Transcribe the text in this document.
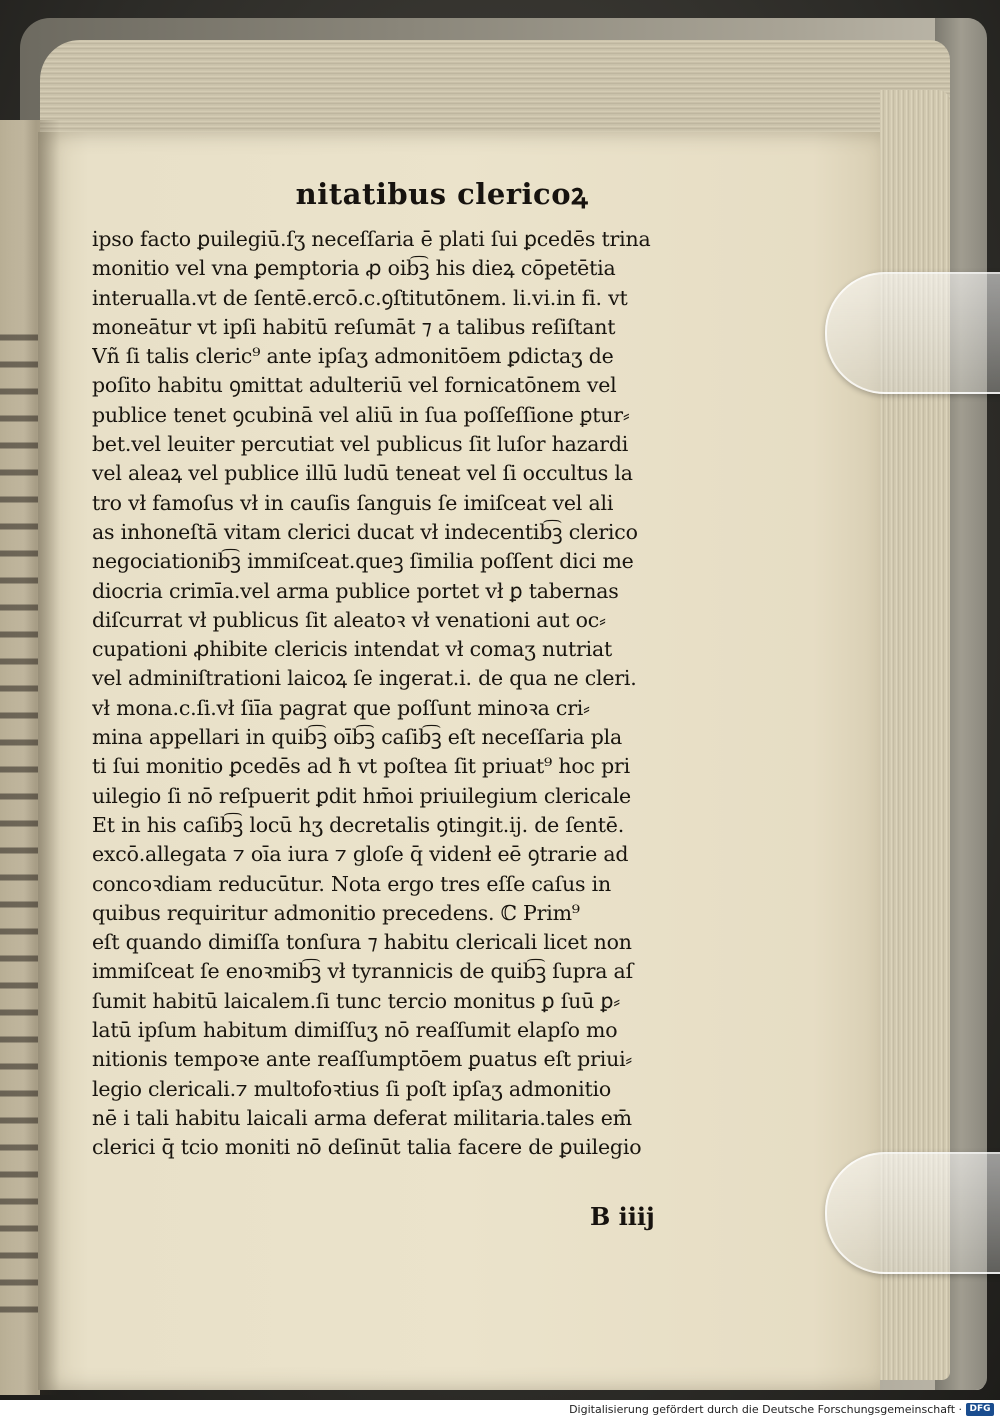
nitatibus clericoꝝ
ipso facto ꝑuilegiū.ſʒ neceſſaria ē plati ſui ꝑcedēs trina
monitio vel vna ꝑemptoria ꝓ oib͡ꝫ his dieꝝ cōpetētia
interualla.vt de ſentē.ercō.c.ꝯſtitutōnem. li.vi.in fi. vt
moneātur vt ipſi habitū reſumāt ⁊ a talibus reſiſtant
Vñ ſi talis cleric⁹ ante ipſaʒ admonitōem ꝑdictaʒ de
poſito habitu ꝯmittat adulteriū vel fornicatōnem vel
publice tenet ꝯcubinā vel aliū in ſua poſſeſſione ꝑtur⸗
bet.vel leuiter percutiat vel publicus ſit luſor hazardi
vel aleaꝝ vel publice illū ludū teneat vel ſi occultus la
tro vł famoſus vł in cauſis ſanguis ſe imiſceat vel ali
as inhoneſtā vitam clerici ducat vł indecentib͡ꝫ clerico
negociationib͡ꝫ immiſceat.queꝫ ſimilia poſſent dici me
diocria crimīa.vel arma publice portet vł ꝑ tabernas
diſcurrat vł publicus ſit aleatoꝛ vł venationi aut oc⸗
cupationi ꝓhibite clericis intendat vł comaʒ nutriat
vel adminiſtrationi laicoꝝ ſe ingerat.i. de qua ne cleri.
vł mona.c.ſi.vł ſiīa pagrat que poſſunt minoꝛa cri⸗
mina appellari in quib͡ꝫ oīb͡ꝫ caſib͡ꝫ eſt neceſſaria pla
ti ſui monitio ꝑcedēs ad ħ vt poſtea ſit priuat⁹ hoc pri
uilegio ſi nō reſpuerit ꝑdit hm̄oi priuilegium clericale
Et in his caſib͡ꝫ locū hʒ decretalis ꝯtingit.ij. de ſentē.
excō.allegata ⁊ oīa iura ⁊ gloſe q̄ videnł eē ꝯtrarie ad
concoꝛdiam reducūtur. Nota ergo tres eſſe caſus in
quibus requiritur admonitio precedens. ℂ Prim⁹
eſt quando dimiſſa tonſura ⁊ habitu clericali licet non
immiſceat ſe enoꝛmib͡ꝫ vł tyrannicis de quib͡ꝫ ſupra aſ
ſumit habitū laicalem.ſi tunc tercio monitus ꝑ ſuū ꝑ⸗
latū ipſum habitum dimiſſuʒ nō reaſſumit elapſo mo
nitionis tempoꝛe ante reaſſumptōem ꝑuatus eſt priui⸗
legio clericali.⁊ multofoꝛtius ſi poſt ipſaʒ admonitio
nē i tali habitu laicali arma deferat militaria.tales em̄
clerici q̄ tcio moniti nō deſinūt talia facere de ꝑuilegio
B iiij
Digitalisierung gefördert durch die Deutsche Forschungsgemeinschaft · DFG
